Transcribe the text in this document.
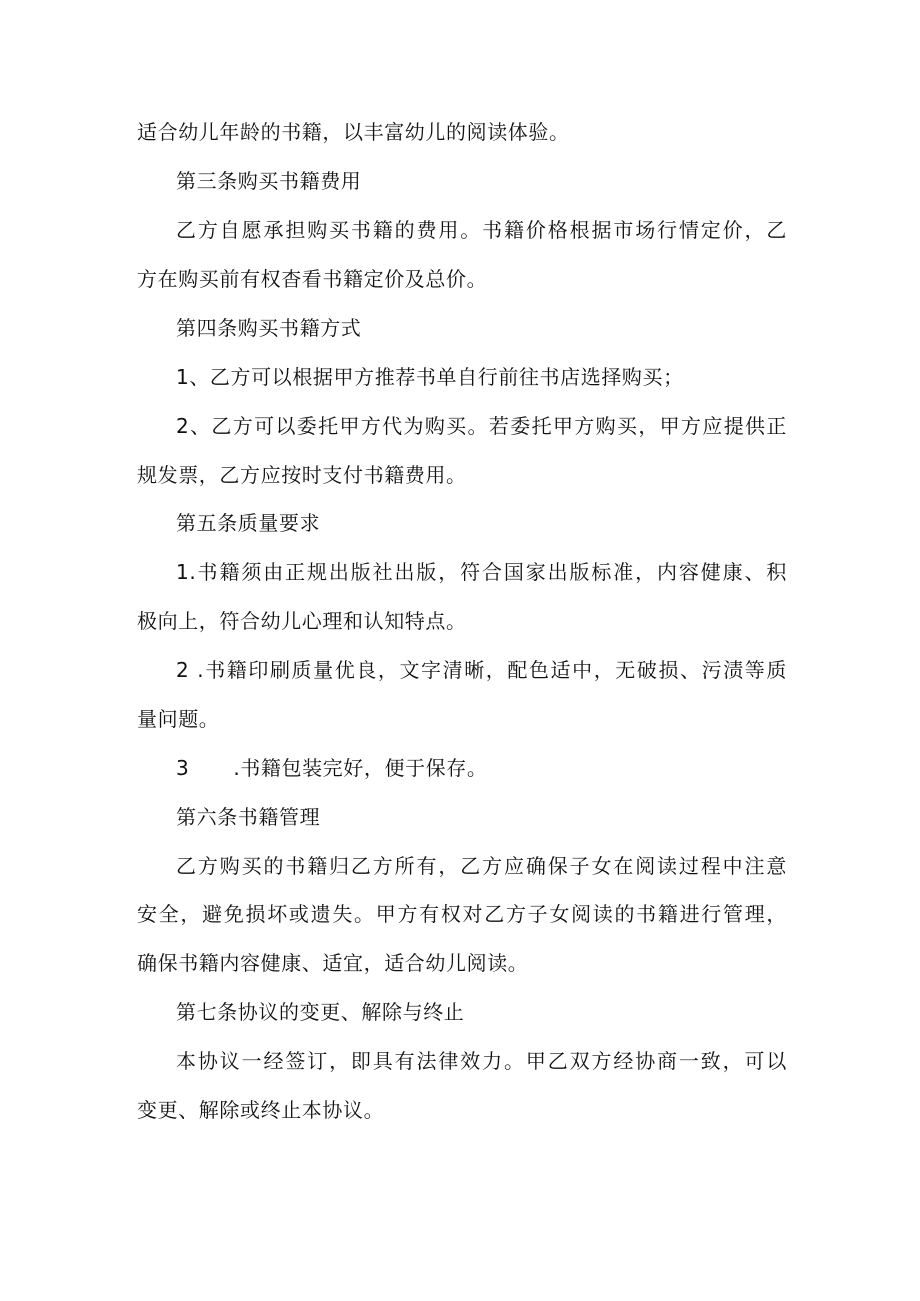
适合幼儿年龄的书籍，以丰富幼儿的阅读体验。
第三条购买书籍费用
乙方自愿承担购买书籍的费用。书籍价格根据市场行情定价，乙
方在购买前有权杳看书籍定价及总价。
第四条购买书籍方式
1、乙方可以根据甲方推荐书单自行前往书店选择购买；
2、乙方可以委托甲方代为购买。若委托甲方购买，甲方应提供正
规发票，乙方应按时支付书籍费用。
第五条质量要求
1.书籍须由正规出版社出版，符合国家出版标准，内容健康、积
极向上，符合幼儿心理和认知特点。
2 .书籍印刷质量优良，文字清晰，配色适中，无破损、污渍等质
量问题。
3 .书籍包装完好，便于保存。
第六条书籍管理
乙方购买的书籍归乙方所有，乙方应确保子女在阅读过程中注意
安全，避免损坏或遗失。甲方有权对乙方子女阅读的书籍进行管理，
确保书籍内容健康、适宜，适合幼儿阅读。
第七条协议的变更、解除与终止
本协议一经签订，即具有法律效力。甲乙双方经协商一致，可以
变更、解除或终止本协议。
